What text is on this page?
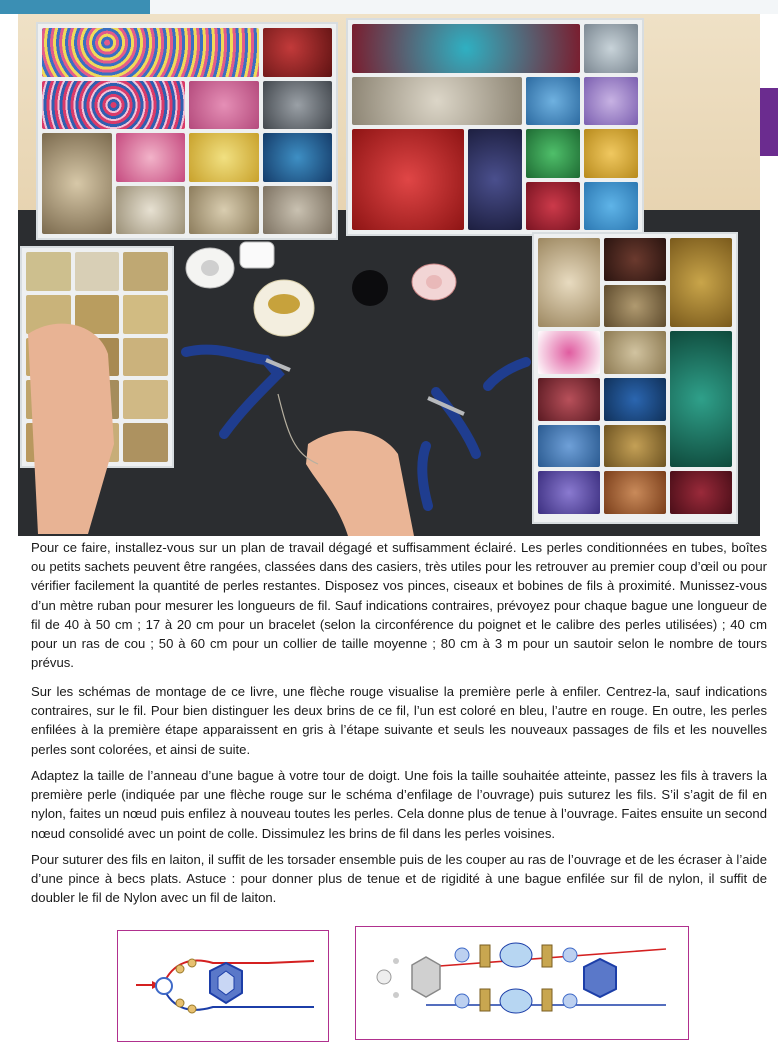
Pour ce faire, installez-vous sur un plan de travail dégagé et suffisamment éclairé. Les perles conditionnées en tubes, boîtes ou petits sachets peuvent être rangées, classées dans des casiers, très utiles pour les retrouver au premier coup d’œil ou pour vérifier facilement la quantité de perles restantes. Disposez vos pinces, ciseaux et bobines de fils à proximité. Munissez-vous d’un mètre ruban pour mesurer les longueurs de fil. Sauf indications contraires, prévoyez pour chaque bague une longueur de fil de 40 à 50 cm ; 17 à 20 cm pour un bracelet (selon la circonférence du poignet et le calibre des perles utilisées) ; 40 cm pour un ras de cou ; 50 à 60 cm pour un collier de taille moyenne ; 80 cm à 3 m pour un sautoir selon le nombre de tours prévus.

Sur les schémas de montage de ce livre, une flèche rouge visualise la première perle à enfiler. Centrez-la, sauf indications contraires, sur le fil. Pour bien distinguer les deux brins de ce fil, l’un est coloré en bleu, l’autre en rouge. En outre, les perles enfilées à la première étape apparaissent en gris à l’étape suivante et seuls les nouveaux passages de fils et les nouvelles perles sont colorées, et ainsi de suite.

Adaptez la taille de l’anneau d’une bague à votre tour de doigt. Une fois la taille souhaitée atteinte, passez les fils à travers la première perle (indiquée par une flèche rouge sur le schéma d’enfilage de l’ouvrage) puis suturez les fils. S’il s’agit de fil en nylon, faites un nœud puis enfilez à nouveau toutes les perles. Cela donne plus de tenue à l’ouvrage. Faites ensuite un second nœud consolidé avec un point de colle. Dissimulez les brins de fil dans les perles voisines.

Pour suturer des fils en laiton, il suffit de les torsader ensemble puis de les couper au ras de l’ouvrage et de les écraser à l’aide d’une pince à becs plats. Astuce : pour donner plus de tenue et de rigidité à une bague enfilée sur fil de nylon, il suffit de doubler le fil de Nylon avec un fil de laiton.
